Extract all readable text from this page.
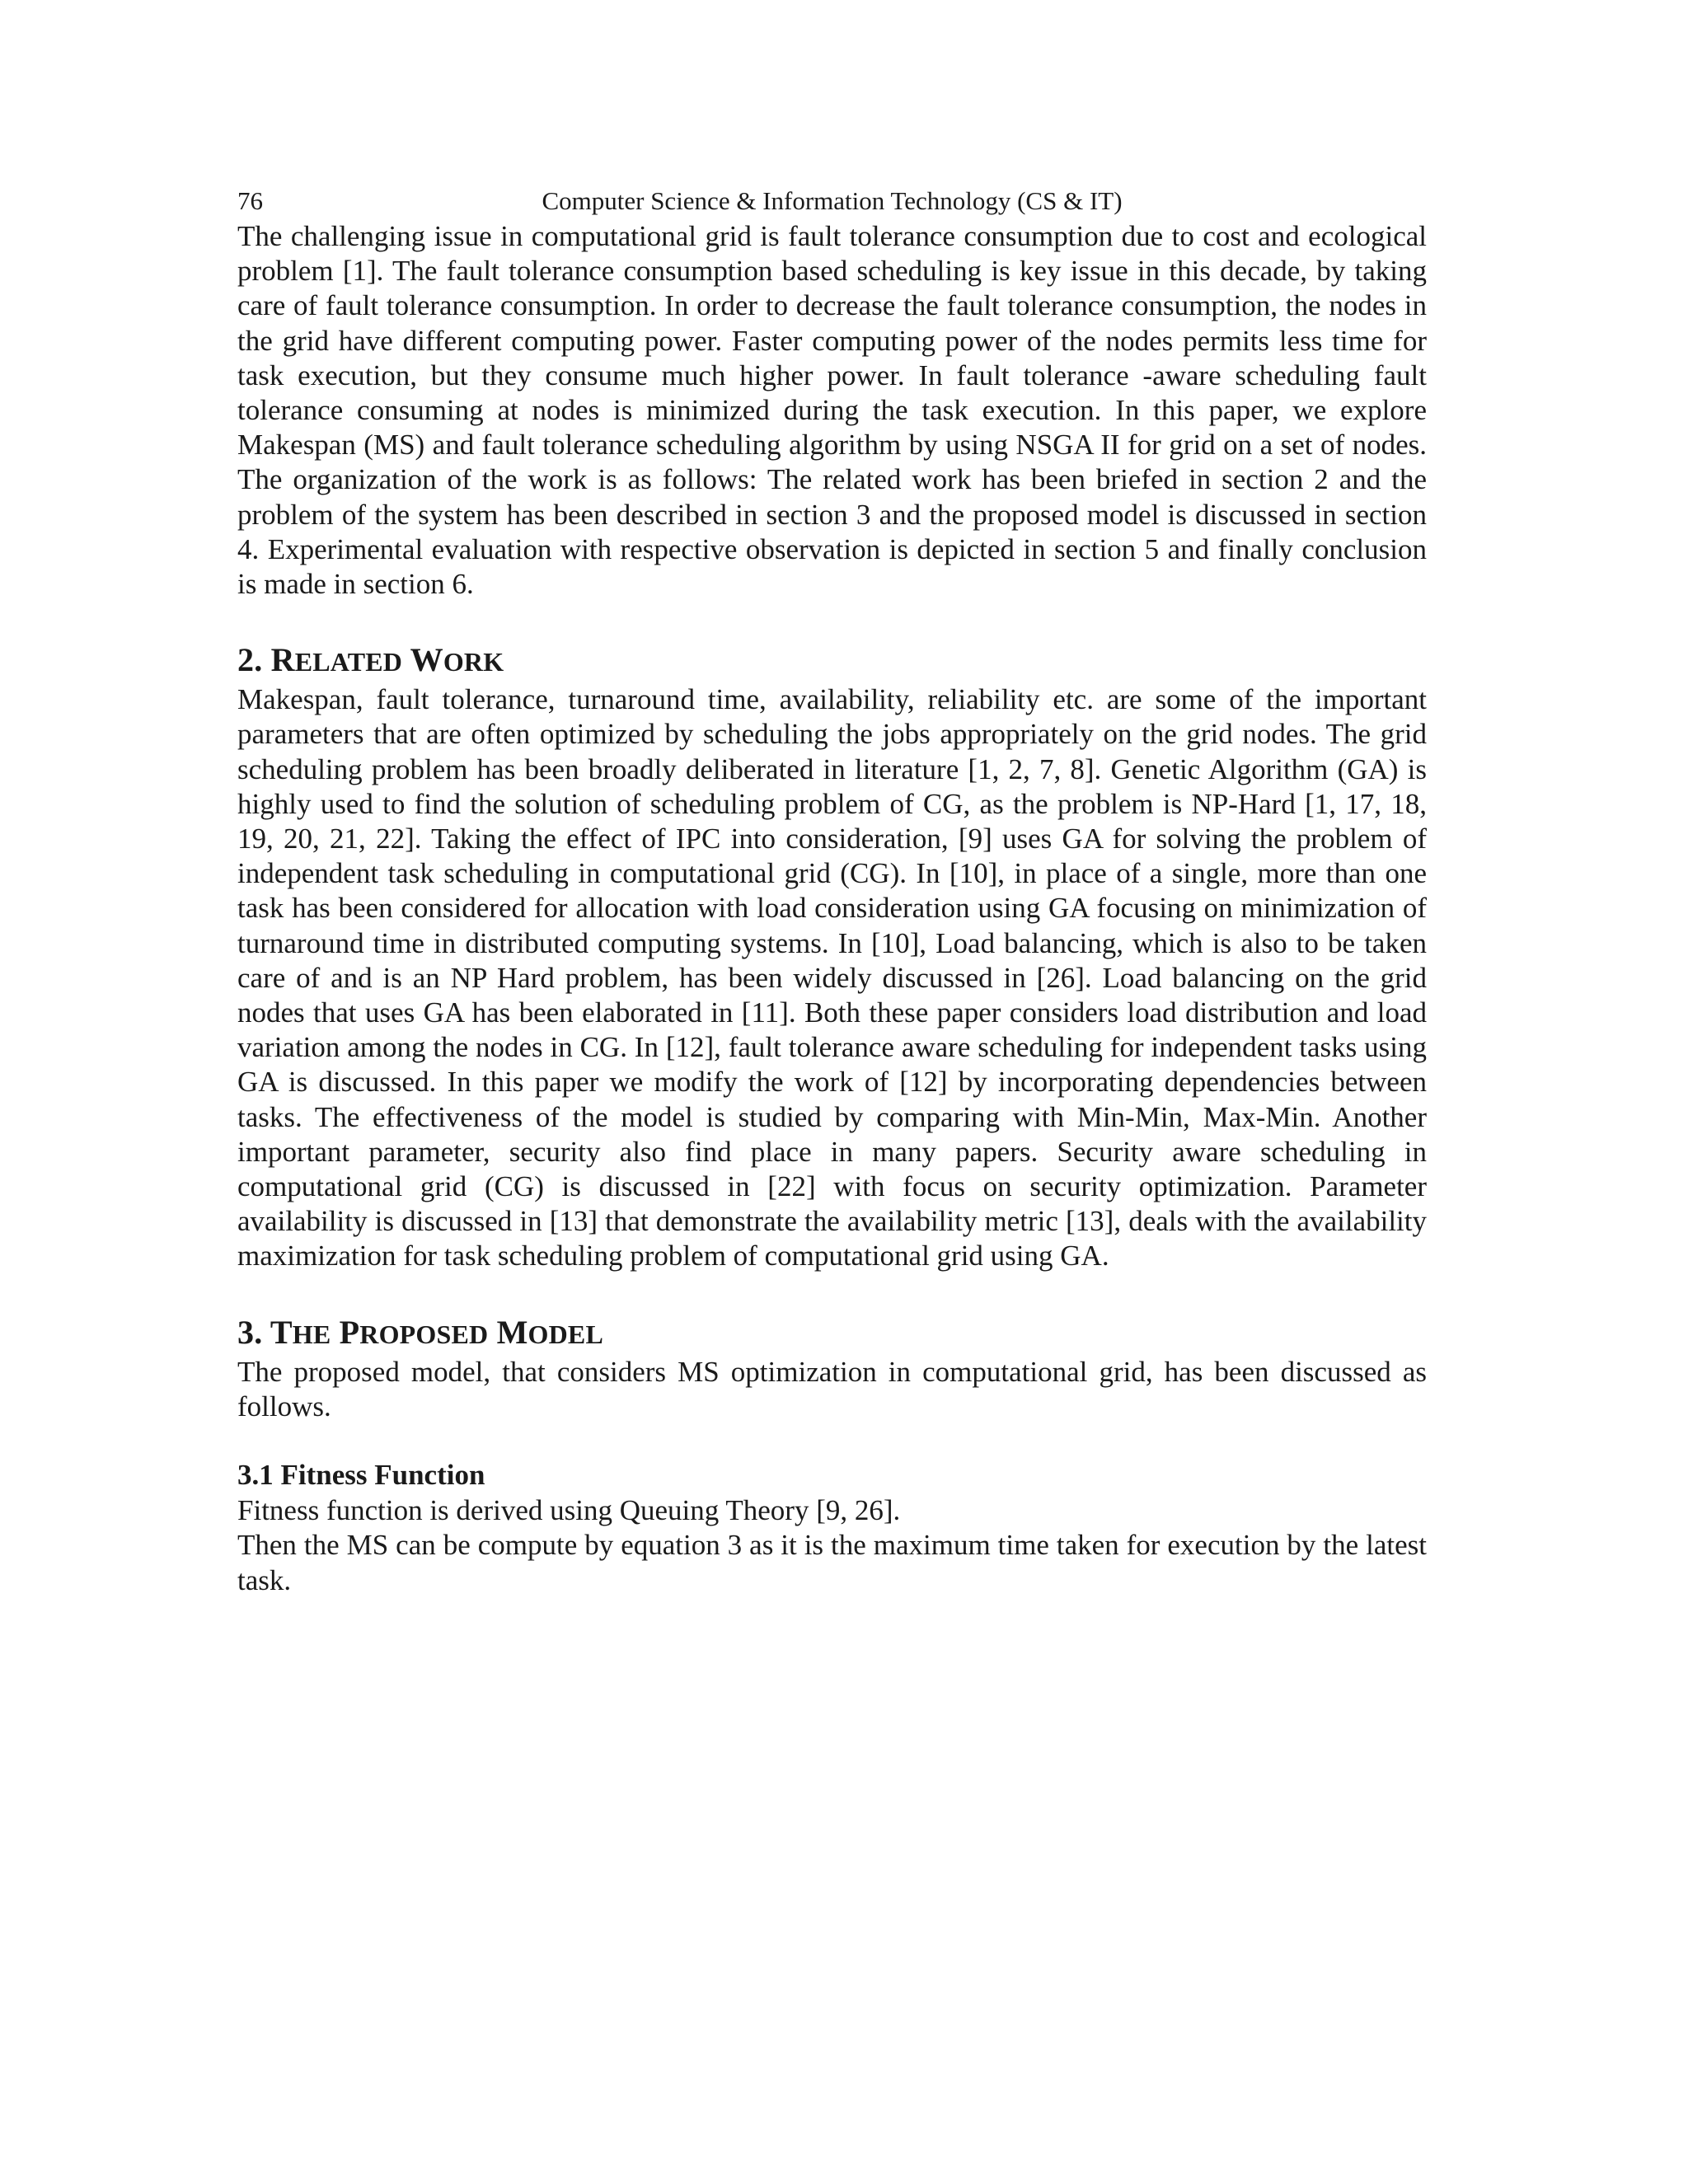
76	Computer Science & Information Technology (CS & IT)

The challenging issue in computational grid is fault tolerance consumption due to cost and ecological problem [1]. The fault tolerance consumption based scheduling is key issue in this decade, by taking care of fault tolerance consumption. In order to decrease the fault tolerance consumption, the nodes in the grid have different computing power. Faster computing power of the nodes permits less time for task execution, but they consume much higher power. In fault tolerance -aware scheduling fault tolerance consuming at nodes is minimized during the task execution. In this paper, we explore Makespan (MS) and fault tolerance scheduling algorithm by using NSGA II for grid on a set of nodes. The organization of the work is as follows: The related work has been briefed in section 2 and the problem of the system has been described in section 3 and the proposed model is discussed in section 4. Experimental evaluation with respective observation is depicted in section 5 and finally conclusion is made in section 6.

2. RELATED WORK

Makespan, fault tolerance, turnaround time, availability, reliability etc. are some of the important parameters that are often optimized by scheduling the jobs appropriately on the grid nodes. The grid scheduling problem has been broadly deliberated in literature [1, 2, 7, 8]. Genetic Algorithm (GA) is highly used to find the solution of scheduling problem of CG, as the problem is NP-Hard [1, 17, 18, 19, 20, 21, 22]. Taking the effect of IPC into consideration, [9] uses GA for solving the problem of independent task scheduling in computational grid (CG). In [10], in place of a single, more than one task has been considered for allocation with load consideration using GA focusing on minimization of turnaround time in distributed computing systems. In [10], Load balancing, which is also to be taken care of and is an NP Hard problem, has been widely discussed in [26]. Load balancing on the grid nodes that uses GA has been elaborated in [11]. Both these paper considers load distribution and load variation among the nodes in CG. In [12], fault tolerance aware scheduling for independent tasks using GA is discussed. In this paper we modify the work of [12] by incorporating dependencies between tasks. The effectiveness of the model is studied by comparing with Min-Min, Max-Min. Another important parameter, security also find place in many papers. Security aware scheduling in computational grid (CG) is discussed in [22] with focus on security optimization. Parameter availability is discussed in [13] that demonstrate the availability metric [13], deals with the availability maximization for task scheduling problem of computational grid using GA.

3. THE PROPOSED MODEL

The proposed model, that considers MS optimization in computational grid, has been discussed as follows.

3.1 Fitness Function

Fitness function is derived using Queuing Theory [9, 26].

Then the MS can be compute by equation 3 as it is the maximum time taken for execution by the latest task.
